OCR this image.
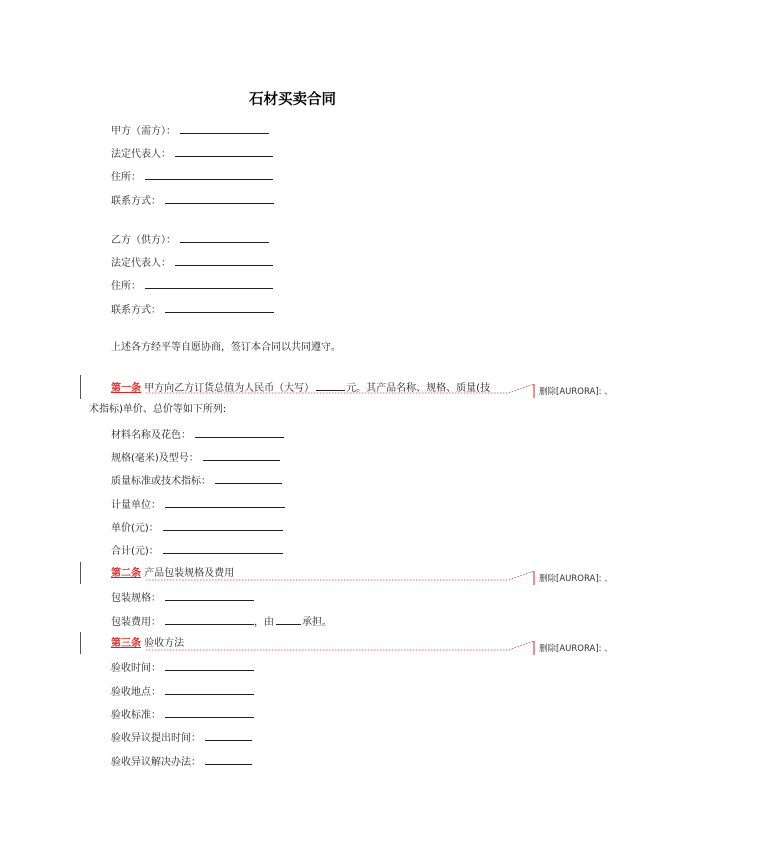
石材买卖合同
甲方（需方）：
法定代表人：
住所：
联系方式：
乙方（供方）：
法定代表人：
住所：
联系方式：
上述各方经平等自愿协商，签订本合同以共同遵守。
第一条 甲方向乙方订货总值为人民币（大写）	元。其产品名称、规格、质量(技
术指标)单价、总价等如下所列:
材料名称及花色：
规格(毫米)及型号：
质量标准或技术指标：
计量单位：
单价(元)：
合计(元)：
第二条 产品包装规格及费用
包装规格：
包装费用：	，由	承担。
第三条 验收方法
验收时间：
验收地点：
验收标准：
验收异议提出时间：
验收异议解决办法：
删除[AURORA]: 、
删除[AURORA]: 、
删除[AURORA]: 、
